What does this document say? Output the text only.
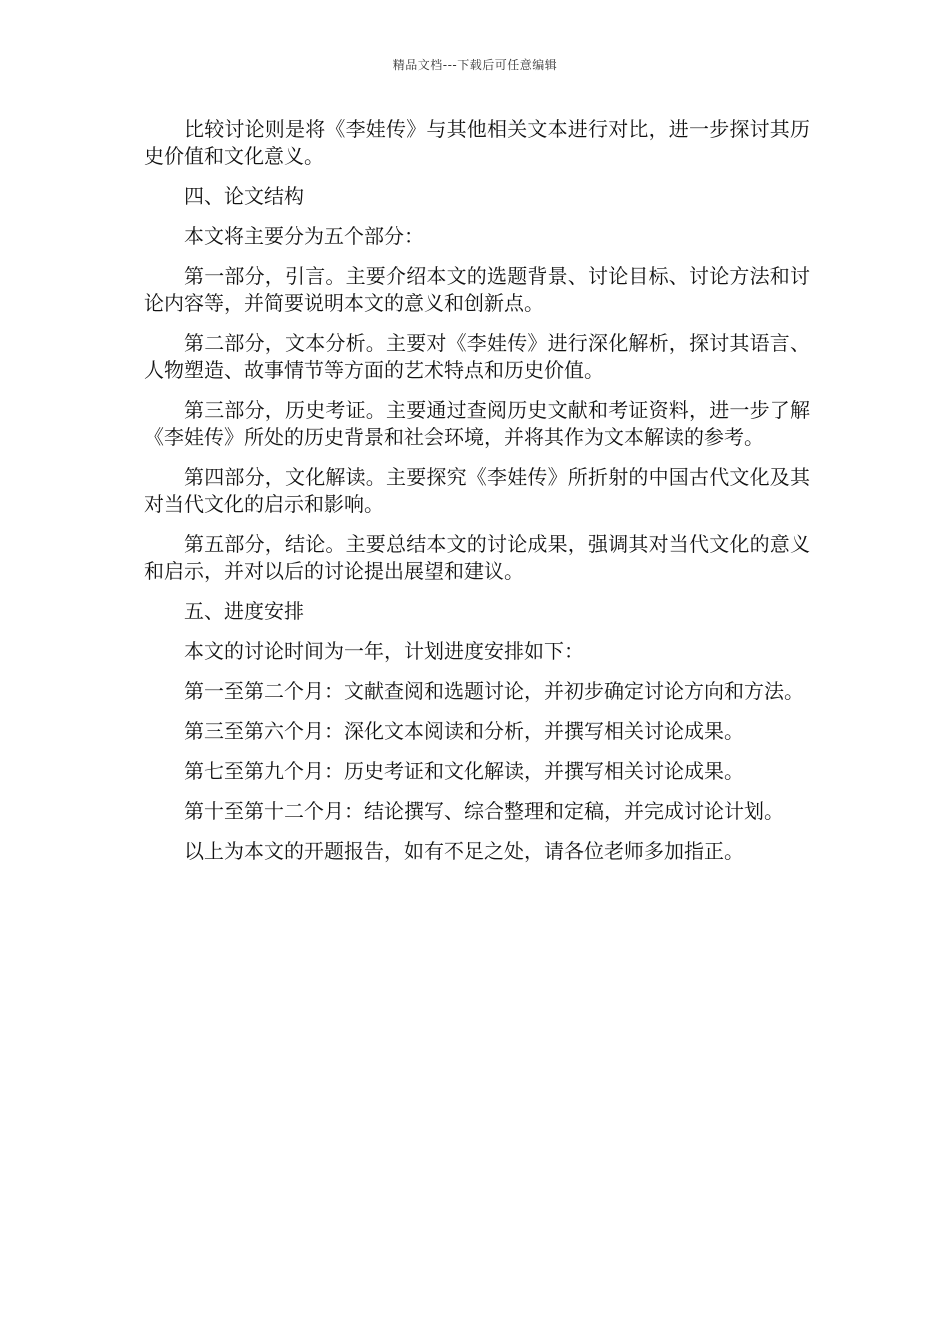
精品文档---下载后可任意编辑

比较讨论则是将《李娃传》与其他相关文本进行对比，进一步探讨其历史价值和文化意义。

四、论文结构

本文将主要分为五个部分：

第一部分，引言。主要介绍本文的选题背景、讨论目标、讨论方法和讨论内容等，并简要说明本文的意义和创新点。

第二部分，文本分析。主要对《李娃传》进行深化解析，探讨其语言、人物塑造、故事情节等方面的艺术特点和历史价值。

第三部分，历史考证。主要通过查阅历史文献和考证资料，进一步了解《李娃传》所处的历史背景和社会环境，并将其作为文本解读的参考。

第四部分，文化解读。主要探究《李娃传》所折射的中国古代文化及其对当代文化的启示和影响。

第五部分，结论。主要总结本文的讨论成果，强调其对当代文化的意义和启示，并对以后的讨论提出展望和建议。

五、进度安排

本文的讨论时间为一年，计划进度安排如下：

第一至第二个月：文献查阅和选题讨论，并初步确定讨论方向和方法。

第三至第六个月：深化文本阅读和分析，并撰写相关讨论成果。

第七至第九个月：历史考证和文化解读，并撰写相关讨论成果。

第十至第十二个月：结论撰写、综合整理和定稿，并完成讨论计划。

以上为本文的开题报告，如有不足之处，请各位老师多加指正。
